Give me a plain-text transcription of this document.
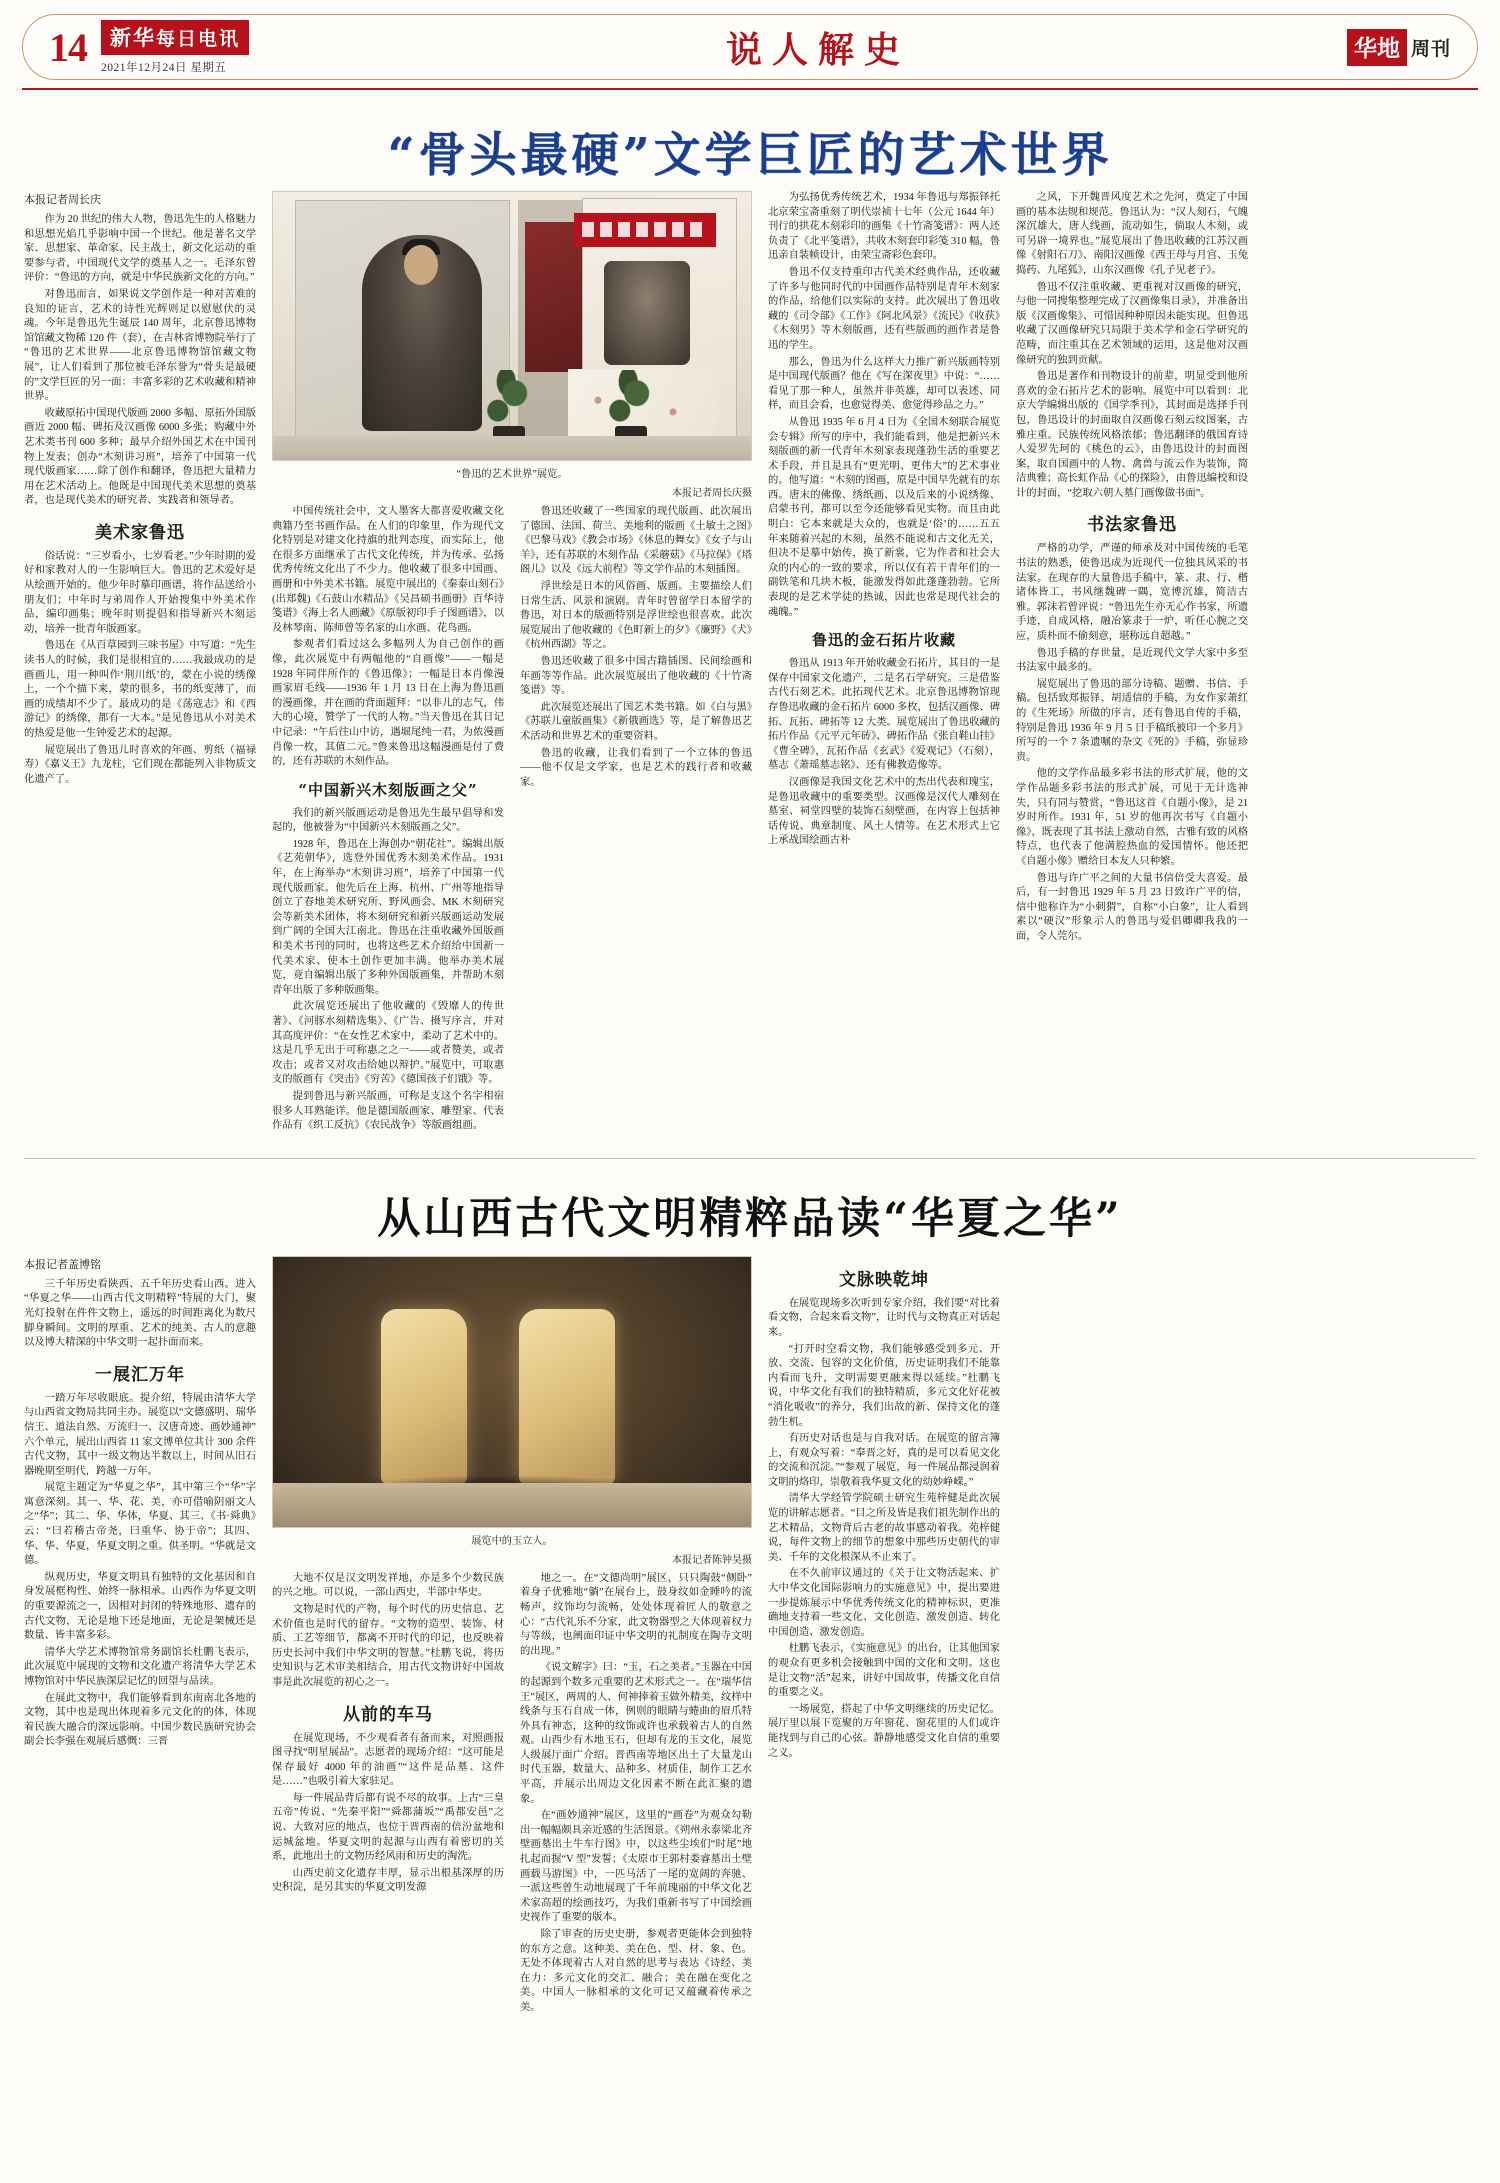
14	新华每日电讯
2021年12月24日 星期五	说人解史	华地 周刊
“骨头最硬”文学巨匠的艺术世界
本报记者周长庆

作为 20 世纪的伟大人物，鲁迅先生的人格魅力和思想光焰几乎影响中国一个世纪。他是著名文学家、思想家、革命家、民主战士，新文化运动的重要参与者，中国现代文学的奠基人之一。毛泽东曾评价：“鲁迅的方向，就是中华民族新文化的方向。”

对鲁迅而言，如果说文学创作是一种对苦难的良知的证言，艺术的诗性光辉则足以慰慰伏的灵魂。今年是鲁迅先生诞辰 140 周年，北京鲁迅博物馆馆藏文物稀 120 件（套），在吉林省博物院举行了“鲁迅的艺术世界——北京鲁迅博物馆馆藏文物展”，让人们看到了那位被毛泽东誉为“骨头是最硬的”文学巨匠的另一面：丰富多彩的艺术收藏和精神世界。

收藏原拓中国现代版画 2000 多幅、原拓外国版画近 2000 幅、碑拓及汉画像 6000 多张；购藏中外艺术类书刊 600 多种；最早介绍外国艺术在中国刊物上发表；创办“木刻讲习班”，培养了中国第一代现代版画家……除了创作和翻译，鲁迅把大量精力用在艺术活动上。他既是中国现代美术思想的奠基者，也是现代美术的研究者、实践者和领导者。

美术家鲁迅

俗话说：“三岁看小，七岁看老。”少年时期的爱好和家教对人的一生影响巨大。鲁迅的艺术爱好是从绘画开始的。他少年时摹印画谱，将作品送给小朋友们；中年时与弟周作人开始搜集中外美术作品，编印画集；晚年时则提倡和指导新兴木刻运动，培养一批青年版画家。

鲁迅在《从百草园到三味书屋》中写道：“先生读书人的时候，我们是很相宜的……我最成功的是画画儿，用一种叫作‘荆川纸’的，蒙在小说的绣像上，一个个描下来，蒙的很多，书的纸变薄了，而画的成绩却不少了。最成功的是《荡寇志》和《西游记》的绣像，都有一大本。”是见鲁迅从小对美术的热爱是他一生钟爱艺术的起源。

展览展出了鲁迅儿时喜欢的年画、剪纸（福禄寿）《嘉义王》九龙柱，它们现在都能列入非物质文化遗产了。

“鲁迅的艺术世界”展览。
本报记者周长庆摄

中国传统社会中，文人墨客大都喜爱收藏文化典籍乃至书画作品。在人们的印象里，作为现代文化特别是对建文化持旗的批判态度，而实际上，他在很多方面继承了古代文化传统，并为传承、弘扬优秀传统文化出了不少力。他收藏了很多中国画、画册和中外美术书籍。展览中展出的《秦泰山刻石》(出郑魏)《石鼓山水精品》《吴昌硕书画册》百华诗笺谱》《海上名人画藏》《原版初印手子图画谱》，以及林琴南、陈师曾等名家的山水画、花鸟画。

参观者们看过这么多幅列人为自己创作的画像，此次展览中有两幅他的“自画像”——一幅是 1928 年同伴所作的《鲁迅像》；一幅是日本肖像漫画家眉毛线——1936 年 1 月 13 日在上海为鲁迅画的漫画像，并在画的背面题拜：“以非儿的志气，伟大的心境，赞学了一代的人物。”当天鲁迅在其日记中记录：“午后往山中访，遇堀尾纯一君，为侬漫画肖像一枚，其值二元。”鲁来鲁迅这幅漫画是付了费的，还有苏联的木刻作品。

“中国新兴木刻版画之父”

我们的新兴版画运动是鲁迅先生最早倡导和发起的，他被誉为“中国新兴木刻版画之父”。

1928 年，鲁迅在上海创办“朝花社”。编辑出版《艺苑朝华》，选登外国优秀木刻美术作品。1931 年，在上海举办“木刻讲习班”，培养了中国第一代现代版画家。他先后在上海、杭州、广州等地指导创立了春地美术研究所、野风画会、MK 木刻研究会等新美术团体，将木刻研究和新兴版画运动发展到广阔的全国大江南北。鲁迅在注重收藏外国版画和美术书刊的同时，也将这些艺术介绍给中国新一代美术家、使本土创作更加丰满。他举办美术展览，竟自编辑出版了多种外国版画集，并帮助木刻青年出版了多种版画集。

此次展览还展出了他收藏的《毁靡人的传世著》、《河豚水刻精选集》、《广告、摄写序言，并对其高度评价：“在女性艺术家中，柔动了艺术中的。这是几乎无出于可称惠之之一——或者赞美，或者攻击；或者又对攻击给她以辩护。”展览中，可取惠支的版画有《突击》《穷苦》《德国孩子们饿》等。

提到鲁迅与新兴版画，可称是支这个名字相宿很多人耳熟能详。他是德国版画家、雕塑家、代表作品有《织工反抗》《农民战争》等版画组画。

鲁迅还收藏了一些国家的现代版画、此次展出了德国、法国、荷兰、美地利的版画《土敏土之图》《巴黎马戏》《教会市场》《休息的舞女》《女子与山羊》，还有苏联的木刻作品《采蘑菇》《马拉保》《塔阁儿》以及《远大前程》等文学作品的木刻插图。

浮世绘是日本的风俗画、版画。主要描绘人们日常生活、风景和演剧。青年时曾留学日本留学的鲁迅，对日本的版画特别是浮世绘也很喜欢。此次展览展出了他收藏的《色町新上的夕》《廉野》《犬》《杭州西湖》等之。

鲁迅还收藏了很多中国古籍插图、民间绘画和年画等等作品。此次展览展出了他收藏的《十竹斋笺谱》等。

此次展览还展出了国艺术类书籍。如《白与黑》《苏联儿童版画集》《新俄画选》等，是了解鲁迅艺术活动和世界艺术的重要资料。

鲁迅的收藏，让我们看到了一个立体的鲁迅——他不仅是文学家，也是艺术的践行者和收藏家。

为弘扬优秀传统艺术，1934 年鲁迅与郑振铎托北京荣宝斋重刻了明代崇祯十七年（公元 1644 年）刊行的拱花木刻彩印的画集《十竹斋笺谱》：两人还负责了《北平笺谱》，共收木刻套印彩笺 310 幅，鲁迅亲自装帧设计，由荣宝斋彩色套印。

鲁迅不仅支持重印古代美术经典作品，还收藏了许多与他同时代的中国画作品特别是青年木刻家的作品，给他们以实际的支持。此次展出了鲁迅收藏的《司令部》《工作》《阿北风景》《流民》《收获》《木刻男》等木刻版画，还有些版画的画作者是鲁迅的学生。

那么，鲁迅为什么这样大力推广新兴版画特别是中国现代版画？他在《写在深夜里》中说：“……看见了那一种人，虽然并非英雄，却可以表述、同样，而且会看，也愈觉得美、愈觉得珍品之力。”

从鲁迅 1935 年 6 月 4 日为《全国木刻联合展览会专辑》所写的序中，我们能看到，他是把新兴木刻版画的新一代青年木刻家表现蓬勃生活的重要艺术手段，并且是具有“更光明、更伟大”的艺术事业的。他写道：“木刻的图画，原是中国早先就有的东西。唐末的佛像、绣纸画、以及后来的小说绣像、启蒙书刊，都可以至今还能够看见实物。而且由此明白：它本来就是大众的，也就是‘俗’的……五五年来随着兴起的木刻，虽然不能说和古文化无关，但决不是摹中始传，换了新裳，它为作者和社会大众的内心的一致的要求，所以仅有若干青年们的一副铁笔和几块木板，能激发得如此蓬蓬勃勃。它所表现的是艺术学徒的热诚，因此也常是现代社会的魂魄。”

鲁迅的金石拓片收藏

鲁迅从 1913 年开始收藏金石拓片，其目的一是保存中国家文化遗产，二是名石学研究。三是借鉴古代石刻艺术。此拓现代艺术。北京鲁迅博物馆现存鲁迅收藏的金石拓片 6000 多枚，包括汉画像、碑拓、瓦拓、碑拓等 12 大类。展览展出了鲁迅收藏的拓片作品《元平元年砖》、碑拓作品《张自鞋山挂》《曹全碑》，瓦拓作品《玄武》《爱观记》（石刻），墓志《萧瑶墓志铭》、还有佛教造像等。

汉画像是我国文化艺术中的杰出代表和瑰宝，是鲁迅收藏中的重要类型。汉画像是汉代人雕刻在墓室、祠堂四壁的装饰石刻壁画，在内容上包括神话传说、典章制度、风土人情等。在艺术形式上它上承战国绘画古朴

之风，下开魏晋风度艺术之先河，奠定了中国画的基本法规和规范。鲁迅认为：“汉人刻石，气魄深沉雄大，唐人线画，流动如生，倘取人木刻，或可另辟一境界也。”展览展出了鲁迅收藏的江苏汉画像《射阳石刀》、南阳汉画像《西王母与月宫、玉兔捣药、九尾狐》，山东汉画像《孔子见老子》。

鲁迅不仅注重收藏、更重视对汉画像的研究，与他一同搜集整理完成了汉画像集目录》，并准备出版《汉画像集》、可惜因种种原因未能实现。但鲁迅收藏了汉画像研究只局限于美术学和金石学研究的范畴，而注重其在艺术领域的运用，这是他对汉画像研究的独到贡献。

鲁迅是著作和刊物设计的前辈，明显受到他所喜欢的金石拓片艺术的影响。展览中可以看到：北京大学编辑出版的《国学季刊》，其封面是选择手刊包，鲁迅设计的封面取自汉画像石刻云纹图案，古雅庄重。民族传统风格浓郁；鲁迅翻译的俄国育诗人爱罗先珂的《桃色的云》，由鲁迅设计的封面图案，取自国画中的人物、禽兽与流云作为装饰，简洁典雅；高长虹作品《心的探险》，由鲁迅编校和设计的封面，“挖取六朝人墓门画像做书面”。

书法家鲁迅

严格的功学，严谨的师承及对中国传统的毛笔书法的熟悉，使鲁迅成为近现代一位独具风采的书法家。在现存的大量鲁迅手稿中，篆、隶、行、楷诸体皆工，书风继魏碑一隅，宽博沉雄，简洁古雅。郭沫若曾评说：“鲁迅先生亦无心作书家，所遗手迹，自成风格，融冶篆隶于一炉，听任心腕之交应，质朴而不偷刻意，堪称远自超越。”

鲁迅手稿的存世量，是近现代文学大家中多至书法家中最多的。

展览展出了鲁迅的部分诗稿、题赠、书信、手稿。包括致郑振铎、胡适信的手稿，为女作家萧红的《生死场》所做的序言，还有鲁迅自传的手稿，特别是鲁迅 1936 年 9 月 5 日手稿纸被印一个多月》所写的一个 7 条遗嘱的杂文《死的》手稿，弥显珍贵。

他的文学作品最多彩书法的形式扩展，他的文学作品题多彩书法的形式扩展，可见于无计选神失，只有同与赞赏，“鲁迅这首《自题小像》，是 21 岁时所作。1931 年，51 岁的他再次书写《自题小像》，既表现了其书法上激动自然，古雅有致的风格特点，也代表了他满腔热血的爱国情怀。他还把《自题小像》赠给日本友人只种繁。

鲁迅与许广平之间的大量书信倍受大喜爱。最后，有一封鲁迅 1929 年 5 月 23 日致许广平的信，信中他称许为“小刺猬”，自称“小白象”，让人看到素以“硬汉”形象示人的鲁迅与爱侣卿卿我我的一面，令人莞尔。

从山西古代文明精粹品读“华夏之华”
本报记者盖博铭

三千年历史看陕西、五千年历史看山西。进入“华夏之华——山西古代文明精粹”特展的大门，聚光灯投射在件件文物上，遥远的时间距离化为数尺脚身瞬间。文明的厚重、艺术的纯美、古人的意趣以及博大精深的中华文明一起扑面而来。

一展汇万年

一踏万年尽收眼底。提介绍，特展由清华大学与山西省文物局共同主办。展览以“文德盛明、瑞华信王、道法自然、万流归一、汉唐奇迹、画妙通神”六个单元，展出山西省 11 家文博单位共计 300 余件古代文物，其中一级文物达半数以上，时间从旧石器晚期至明代，跨越一万年。

展览主题定为“华夏之华”，其中第三个“华”字寓意深刻。其一、华、花、美，亦可借喻阴丽文人之“华”；其二、华、华体，华夏、其三、《书·舜典》云：“曰若稽古帝尧，曰重华、协于帝”；其四、华、华、华夏，华夏文明之重。供圣明。“华就是文德。

纵观历史，华夏文明具有独特的文化基因和自身发展框构性、始终一脉相承。山西作为华夏文明的重要源流之一，因相对封闭的特殊地形、遗存的古代文物，无论是地下还是地面，无论是架械还是数量、皆丰富多彩。

清华大学艺术博物馆常务副馆长杜鹏飞表示，此次展览中展现的文物和文化遗产将清华大学艺术博物馆对中华民族深层记忆的回望与品读。

在展此文物中，我们能够看到东南南北各地的文物，其中也是现出体现着多元文化的的体，体现着民族大融合的深远影响。中国少数民族研究协会副会长李强在观展后感慨：三晋

展览中的玉立人。
本报记者陈钟昊摄

大地不仅是汉文明发祥地，亦是多个少数民族的兴之地。可以说，一部山西史，半部中华史。

文物是时代的产物，每个时代的历史信息、艺术价值也是时代的留存。“文物的造型、装饰、材质、工艺等细节，都离不开时代的印记，也反映着历史长河中我们中华文明的智慧。”杜鹏飞说，将历史知识与艺术审美相结合，用古代文物讲好中国故事是此次展览的初心之一。

从前的车马

在展览现场，不少观看者有备而来，对照画报图寻找“明星展品”。志愿者的现场介绍：“这可能是保存最好 4000 年的油画”“这件是品墓、这件是……”也吸引着大家驻足。

每一件展品背后都有说不尽的故事。上古“三皇五帝”传说、“先秦平阳”“舜都蒲坂”“禹都安邑”之说、大致对应的地点，也位于晋西南的倍汾盆地和运城盆地。华夏文明的起源与山西有着密切的关系，此地出土的文物历经风雨和历史的淘洗。

山西史前文化遗存丰厚，显示出根基深厚的历史积淀，是另其实的华夏文明发源

地之一。在“文德尚明”展区，只只陶鼓“侧卧”着身子优雅地“躺”在展台上，鼓身纹如金睡吟的流畅声，纹饰均匀流畅，处处体现着匠人的敬意之心：“古代礼乐不分家，此文物器型之大体现着权力与等级，也阐面印证中华文明的礼制度在陶寺文明的出现。”

《说文解字》曰：“玉，石之美者。”玉器在中国的起源到个数多元重要的艺术形式之一。在“瑞华信王”展区，两周的人、何神捧着玉做外精美，纹样中线条与玉石自成一体，例则的眼睛与蜷曲的眉爪特外具有神态，这种的纹饰或许也承载着古人的自然观。山西少有木地玉石，但却有龙的玉文化，展览人级展厅面广介绍。晋西南等地区出土了大量龙山时代玉器，数量大、品种多、材质佳，制作工艺水平高，并展示出周边文化因素不断在此汇聚的遗象。

在“画妙通神”展区，这里的“画卷”为观众勾勒出一幅幅颇具亲近感的生活图景。《朔州永泰梁北齐壁画墓出土牛车行图》中，以这些尘埃们“时尾”地扎起而握“V 型”发誓；《太原市王郭村娄睿墓出土壁画载马游图》中，一匹马活了一尾的宽阔的奔驰、一派这些曾生动地展现了千年前瑰丽的中华文化艺术家高超的绘画技巧，为我们重新书写了中国绘画史视作了重要的版本。

除了审查的历史史册，参观者更能体会到独特的东方之意。这种美、美在色、型、材、象、色。无处不体现着古人对自然的思考与表达《诗经、美在力：多元文化的交汇、融合；美在融在变化之美。中国人一脉相承的文化可记又蕴藏着传承之美。

文脉映乾坤

在展览现场多次听到专家介绍，我们要“对比着看文物，合起来看文物”，让时代与文物真正对话起来。

“打开时空看文物，我们能够感受到多元、开放、交流、包容的文化价值，历史证明我们不能靠内看而飞升，文明需要更融来得以延续。”杜鹏飞说，中华文化有我们的独特精质，多元文化好花被“消化吸收”的养分，我们出故的新、保持文化的蓬勃生机。

有历史对话也是与自我对话。在展览的留言簿上，有观众写着：“奉晋之好，真的是可以看见文化的交流和沉淀。”“参观了展览，每一件展品都浸润着文明的烙印，崇敬着我华夏文化的幼妙峥嵘。”

清华大学经管学院硕士研究生苑梓健是此次展览的讲解志愿者。“目之所及皆是我们祖先制作出的艺术精品，文物背后古老的故事感动着我。苑梓健说，每件文物上的细节的想象中那些历史朝代的审美、千年的文化根深从不止来了。

在不久前审议通过的《关于让文物活起来、扩大中华文化国际影响力的实施意见》中，提出要进一步提炼展示中华优秀传统文化的精神标识，更准确地支持着一些文化、文化创造、激发创造、转化中国创造、激发创造。

杜鹏飞表示，《实施意见》的出台，让其他国家的观众有更多机会接触到中国的文化和文明。这也是让文物“活”起来，讲好中国故事，传播文化自信的重要之义。

一场展览，搭起了中华文明继续的历史记忆。展厅里以展下览聚的万年窗花、窗花里的人们或许能找到与自己的心弦。静静地感受文化自信的重要之义。
